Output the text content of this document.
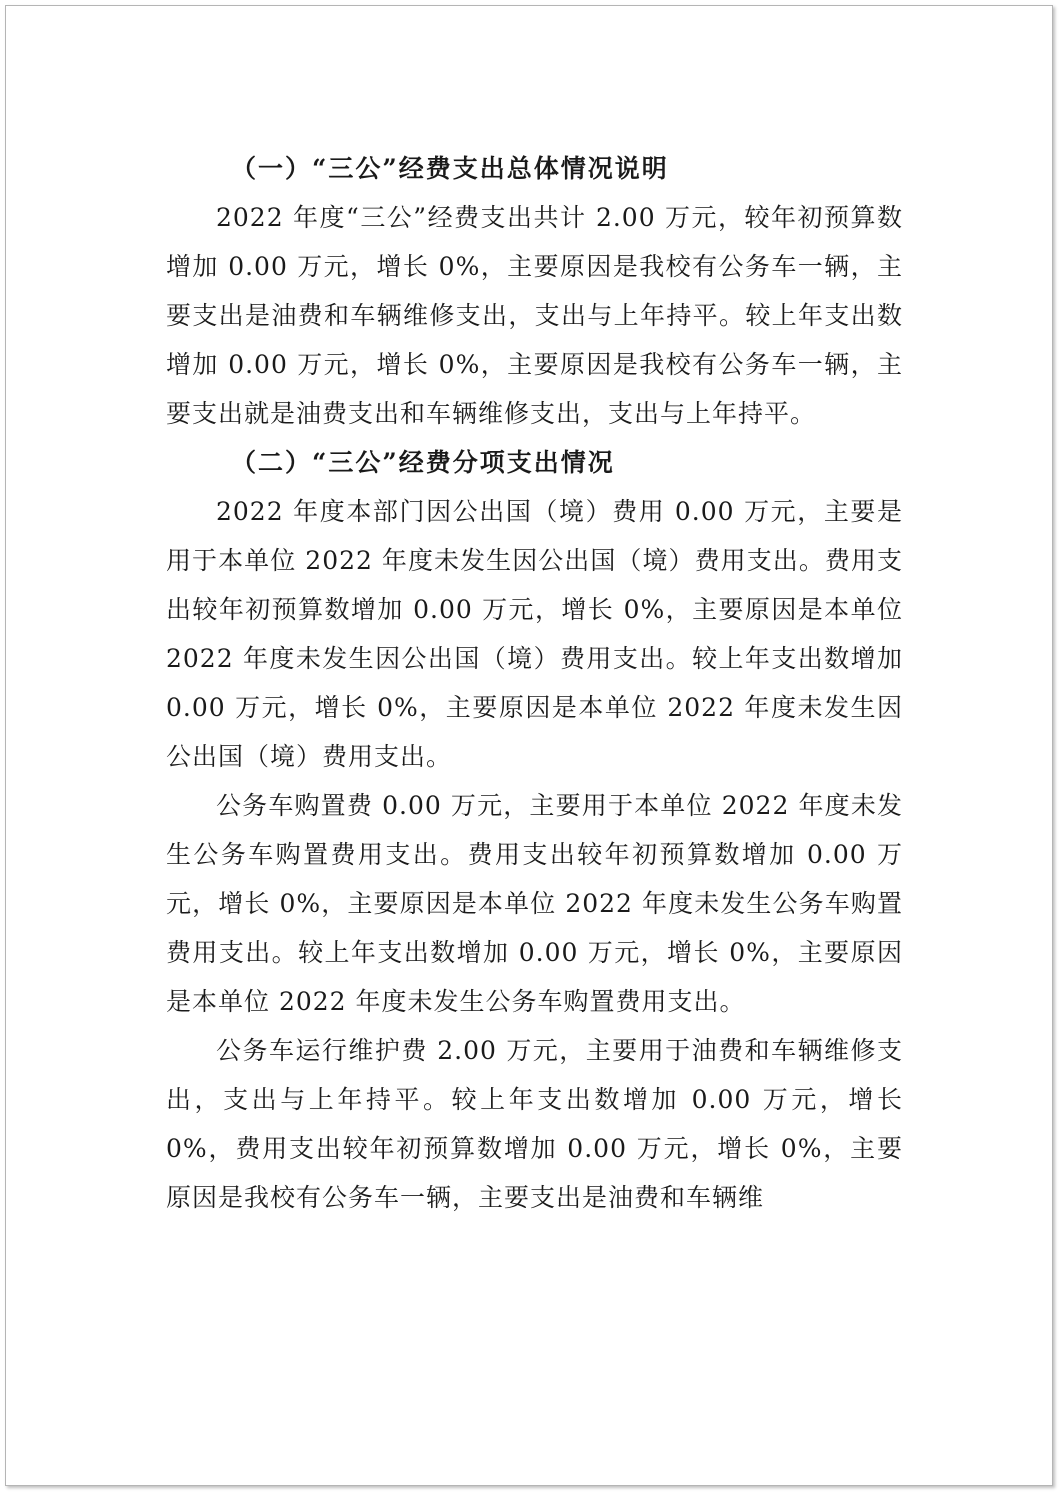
（一）“三公”经费支出总体情况说明

2022 年度“三公”经费支出共计 2.00 万元，较年初预算数增加 0.00 万元，增长 0%，主要原因是我校有公务车一辆，主要支出是油费和车辆维修支出，支出与上年持平。较上年支出数增加 0.00 万元，增长 0%，主要原因是我校有公务车一辆，主要支出就是油费支出和车辆维修支出，支出与上年持平。

（二）“三公”经费分项支出情况

2022 年度本部门因公出国（境）费用 0.00 万元，主要是用于本单位 2022 年度未发生因公出国（境）费用支出。费用支出较年初预算数增加 0.00 万元，增长 0%，主要原因是本单位 2022 年度未发生因公出国（境）费用支出。较上年支出数增加 0.00 万元，增长 0%，主要原因是本单位 2022 年度未发生因公出国（境）费用支出。

公务车购置费 0.00 万元，主要用于本单位 2022 年度未发生公务车购置费用支出。费用支出较年初预算数增加 0.00 万元，增长 0%，主要原因是本单位 2022 年度未发生公务车购置费用支出。较上年支出数增加 0.00 万元，增长 0%，主要原因是本单位 2022 年度未发生公务车购置费用支出。

公务车运行维护费 2.00 万元，主要用于油费和车辆维修支出，支出与上年持平。较上年支出数增加 0.00 万元，增长 0%，费用支出较年初预算数增加 0.00 万元，增长 0%，主要原因是我校有公务车一辆，主要支出是油费和车辆维
